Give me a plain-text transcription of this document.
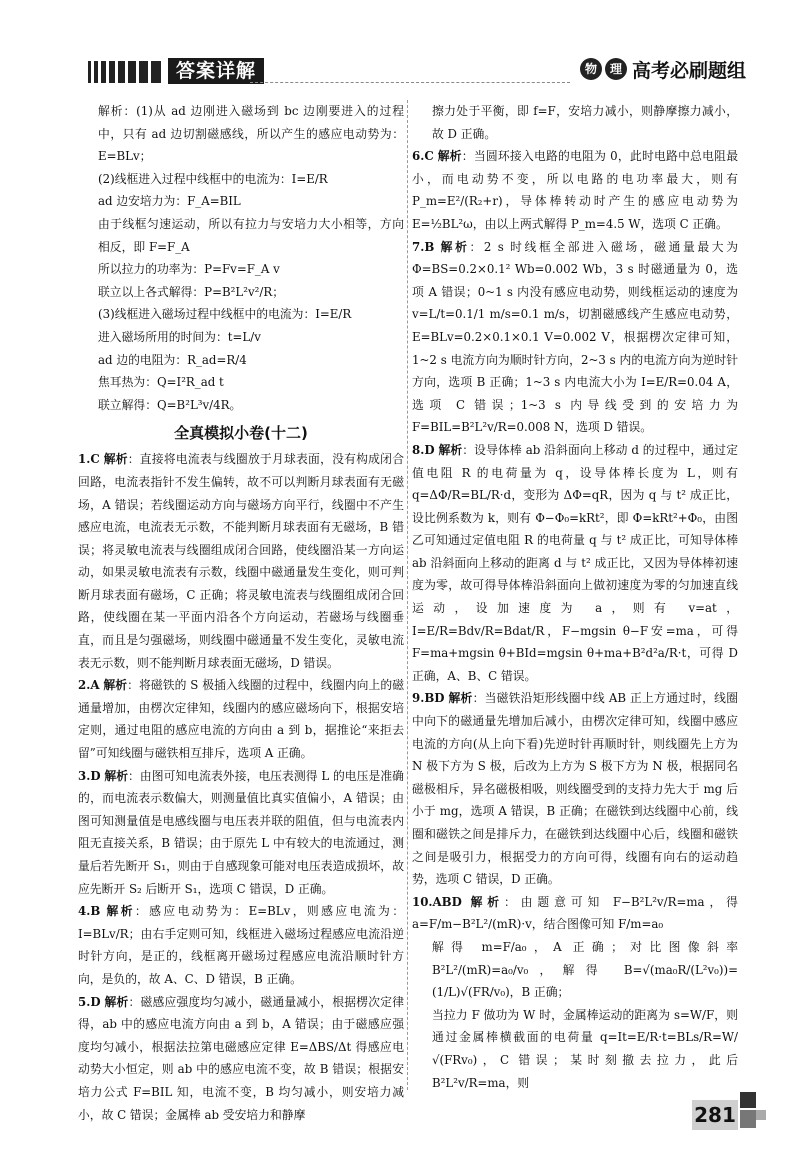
答案详解	物	理 高考必刷题组

解析：(1)从 ad 边刚进入磁场到 bc 边刚要进入的过程中，只有 ad 边切割磁感线，所以产生的感应电动势为：E=BLv；

(2)线框进入过程中线框中的电流为：I=E/R

ad 边安培力为：F_A=BIL

由于线框匀速运动，所以有拉力与安培力大小相等，方向相反，即 F=F_A

所以拉力的功率为：P=Fv=F_A v

联立以上各式解得：P=B²L²v²/R；

(3)线框进入磁场过程中线框中的电流为：I=E/R

进入磁场所用的时间为：t=L/v

ad 边的电阻为：R_ad=R/4

焦耳热为：Q=I²R_ad t

联立解得：Q=B²L³v/4R。

全真模拟小卷(十二)

1.C 解析：直接将电流表与线圈放于月球表面，没有构成闭合回路，电流表指针不发生偏转，故不可以判断月球表面有无磁场，A 错误；若线圈运动方向与磁场方向平行，线圈中不产生感应电流，电流表无示数，不能判断月球表面有无磁场，B 错误；将灵敏电流表与线圈组成闭合回路，使线圈沿某一方向运动，如果灵敏电流表有示数，线圈中磁通量发生变化，则可判断月球表面有磁场，C 正确；将灵敏电流表与线圈组成闭合回路，使线圈在某一平面内沿各个方向运动，若磁场与线圈垂直，而且是匀强磁场，则线圈中磁通量不发生变化，灵敏电流表无示数，则不能判断月球表面无磁场，D 错误。

2.A 解析：将磁铁的 S 极插入线圈的过程中，线圈内向上的磁通量增加，由楞次定律知，线圈内的感应磁场向下，根据安培定则，通过电阻的感应电流的方向由 a 到 b，据推论“来拒去留”可知线圈与磁铁相互排斥，选项 A 正确。

3.D 解析：由图可知电流表外接，电压表测得 L 的电压是准确的，而电流表示数偏大，则测量值比真实值偏小，A 错误；由图可知测量值是电感线圈与电压表并联的阻值，但与电流表内阻无直接关系，B 错误；由于原先 L 中有较大的电流通过，测量后若先断开 S₁，则由于自感现象可能对电压表造成损坏，故应先断开 S₂ 后断开 S₁，选项 C 错误，D 正确。

4.B 解析：感应电动势为：E=BLv，则感应电流为：I=BLv/R；由右手定则可知，线框进入磁场过程感应电流沿逆时针方向，是正的，线框离开磁场过程感应电流沿顺时针方向，是负的，故 A、C、D 错误，B 正确。

5.D 解析：磁感应强度均匀减小，磁通量减小，根据楞次定律得，ab 中的感应电流方向由 a 到 b，A 错误；由于磁感应强度均匀减小，根据法拉第电磁感应定律 E=ΔBS/Δt 得感应电动势大小恒定，则 ab 中的感应电流不变，故 B 错误；根据安培力公式 F=BIL 知，电流不变，B 均匀减小，则安培力减小，故 C 错误；金属棒 ab 受安培力和静摩

擦力处于平衡，即 f=F，安培力减小，则静摩擦力减小，故 D 正确。

6.C 解析：当圆环接入电路的电阻为 0，此时电路中总电阻最小，而电动势不变，所以电路的电功率最大，则有 P_m=E²/(R₂+r)，导体棒转动时产生的感应电动势为 E=½BL²ω，由以上两式解得 P_m=4.5 W，选项 C 正确。

7.B 解析：2 s 时线框全部进入磁场，磁通量最大为 Φ=BS=0.2×0.1² Wb=0.002 Wb，3 s 时磁通量为 0，选项 A 错误；0~1 s 内没有感应电动势，则线框运动的速度为 v=L/t=0.1/1 m/s=0.1 m/s，切割磁感线产生感应电动势，E=BLv=0.2×0.1×0.1 V=0.002 V，根据楞次定律可知，1~2 s 电流方向为顺时针方向，2~3 s 内的电流方向为逆时针方向，选项 B 正确；1~3 s 内电流大小为 I=E/R=0.04 A，选项 C 错误；1~3 s 内导线受到的安培力为 F=BIL=B²L²v/R=0.008 N，选项 D 错误。

8.D 解析：设导体棒 ab 沿斜面向上移动 d 的过程中，通过定值电阻 R 的电荷量为 q，设导体棒长度为 L，则有 q=ΔΦ/R=BL/R·d，变形为 ΔΦ=qR，因为 q 与 t² 成正比，设比例系数为 k，则有 Φ−Φ₀=kRt²，即 Φ=kRt²+Φ₀，由图乙可知通过定值电阻 R 的电荷量 q 与 t² 成正比，可知导体棒 ab 沿斜面向上移动的距离 d 与 t² 成正比，又因为导体棒初速度为零，故可得导体棒沿斜面向上做初速度为零的匀加速直线运动，设加速度为 a，则有 v=at，I=E/R=Bdv/R=Bdat/R，F−mgsin θ−F安=ma，可得 F=ma+mgsin θ+BId=mgsin θ+ma+B²d²a/R·t，可得 D 正确，A、B、C 错误。

9.BD 解析：当磁铁沿矩形线圈中线 AB 正上方通过时，线圈中向下的磁通量先增加后减小，由楞次定律可知，线圈中感应电流的方向(从上向下看)先逆时针再顺时针，则线圈先上方为 N 极下方为 S 极，后改为上方为 S 极下方为 N 极，根据同名磁极相斥，异名磁极相吸，则线圈受到的支持力先大于 mg 后小于 mg，选项 A 错误，B 正确；在磁铁到达线圈中心前，线圈和磁铁之间是排斥力，在磁铁到达线圈中心后，线圈和磁铁之间是吸引力，根据受力的方向可得，线圈有向右的运动趋势，选项 C 错误，D 正确。

10.ABD 解析：由题意可知 F−B²L²v/R=ma，得 a=F/m−B²L²/(mR)·v，结合图像可知 F/m=a₀

解得 m=F/a₀，A 正确；对比图像斜率 B²L²/(mR)=a₀/v₀，解得 B=√(ma₀R/(L²v₀))=(1/L)√(FR/v₀)，B 正确；

当拉力 F 做功为 W 时，金属棒运动的距离为 s=W/F，则通过金属棒横截面的电荷量 q=It=E/R·t=BLs/R=W/√(FRv₀)，C 错误；某时刻撤去拉力，此后 B²L²v/R=ma，则

281
